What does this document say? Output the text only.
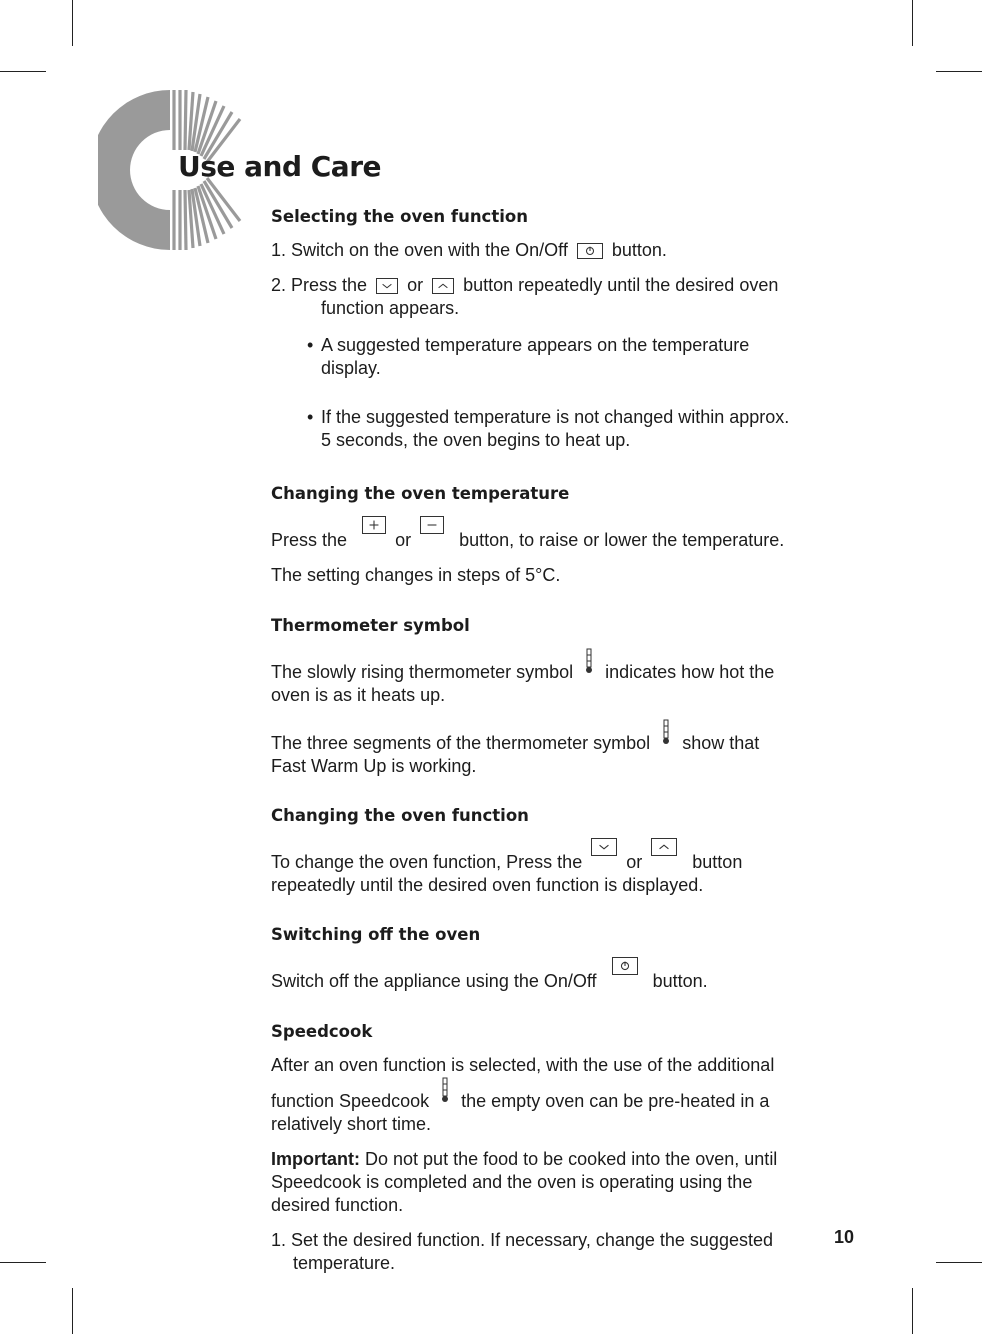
Use and Care
Selecting the oven function

1. Switch on the oven with the On/Off button.

2. Press the or button repeatedly until the desired oven

function appears.

• A suggested temperature appears on the temperature
display.

• If the suggested temperature is not changed within approx.
5 seconds, the oven begins to heat up.

Changing the oven temperature

Press the	or	button, to raise or lower the temperature.

The setting changes in steps of 5°C.

Thermometer symbol

The slowly rising thermometer symbol indicates how hot the
oven is as it heats up.

The three segments of the thermometer symbol show that
Fast Warm Up is working.

Changing the oven function

To change the oven function, Press the or	button
repeatedly until the desired oven function is displayed.

Switching off the oven

Switch off the appliance using the On/Off	button.

Speedcook

After an oven function is selected, with the use of the additional
function Speedcook the empty oven can be pre-heated in a
relatively short time.

Important: Do not put the food to be cooked into the oven, until
Speedcook is completed and the oven is operating using the
desired function.

1. Set the desired function. If necessary, change the suggested

temperature.

10
